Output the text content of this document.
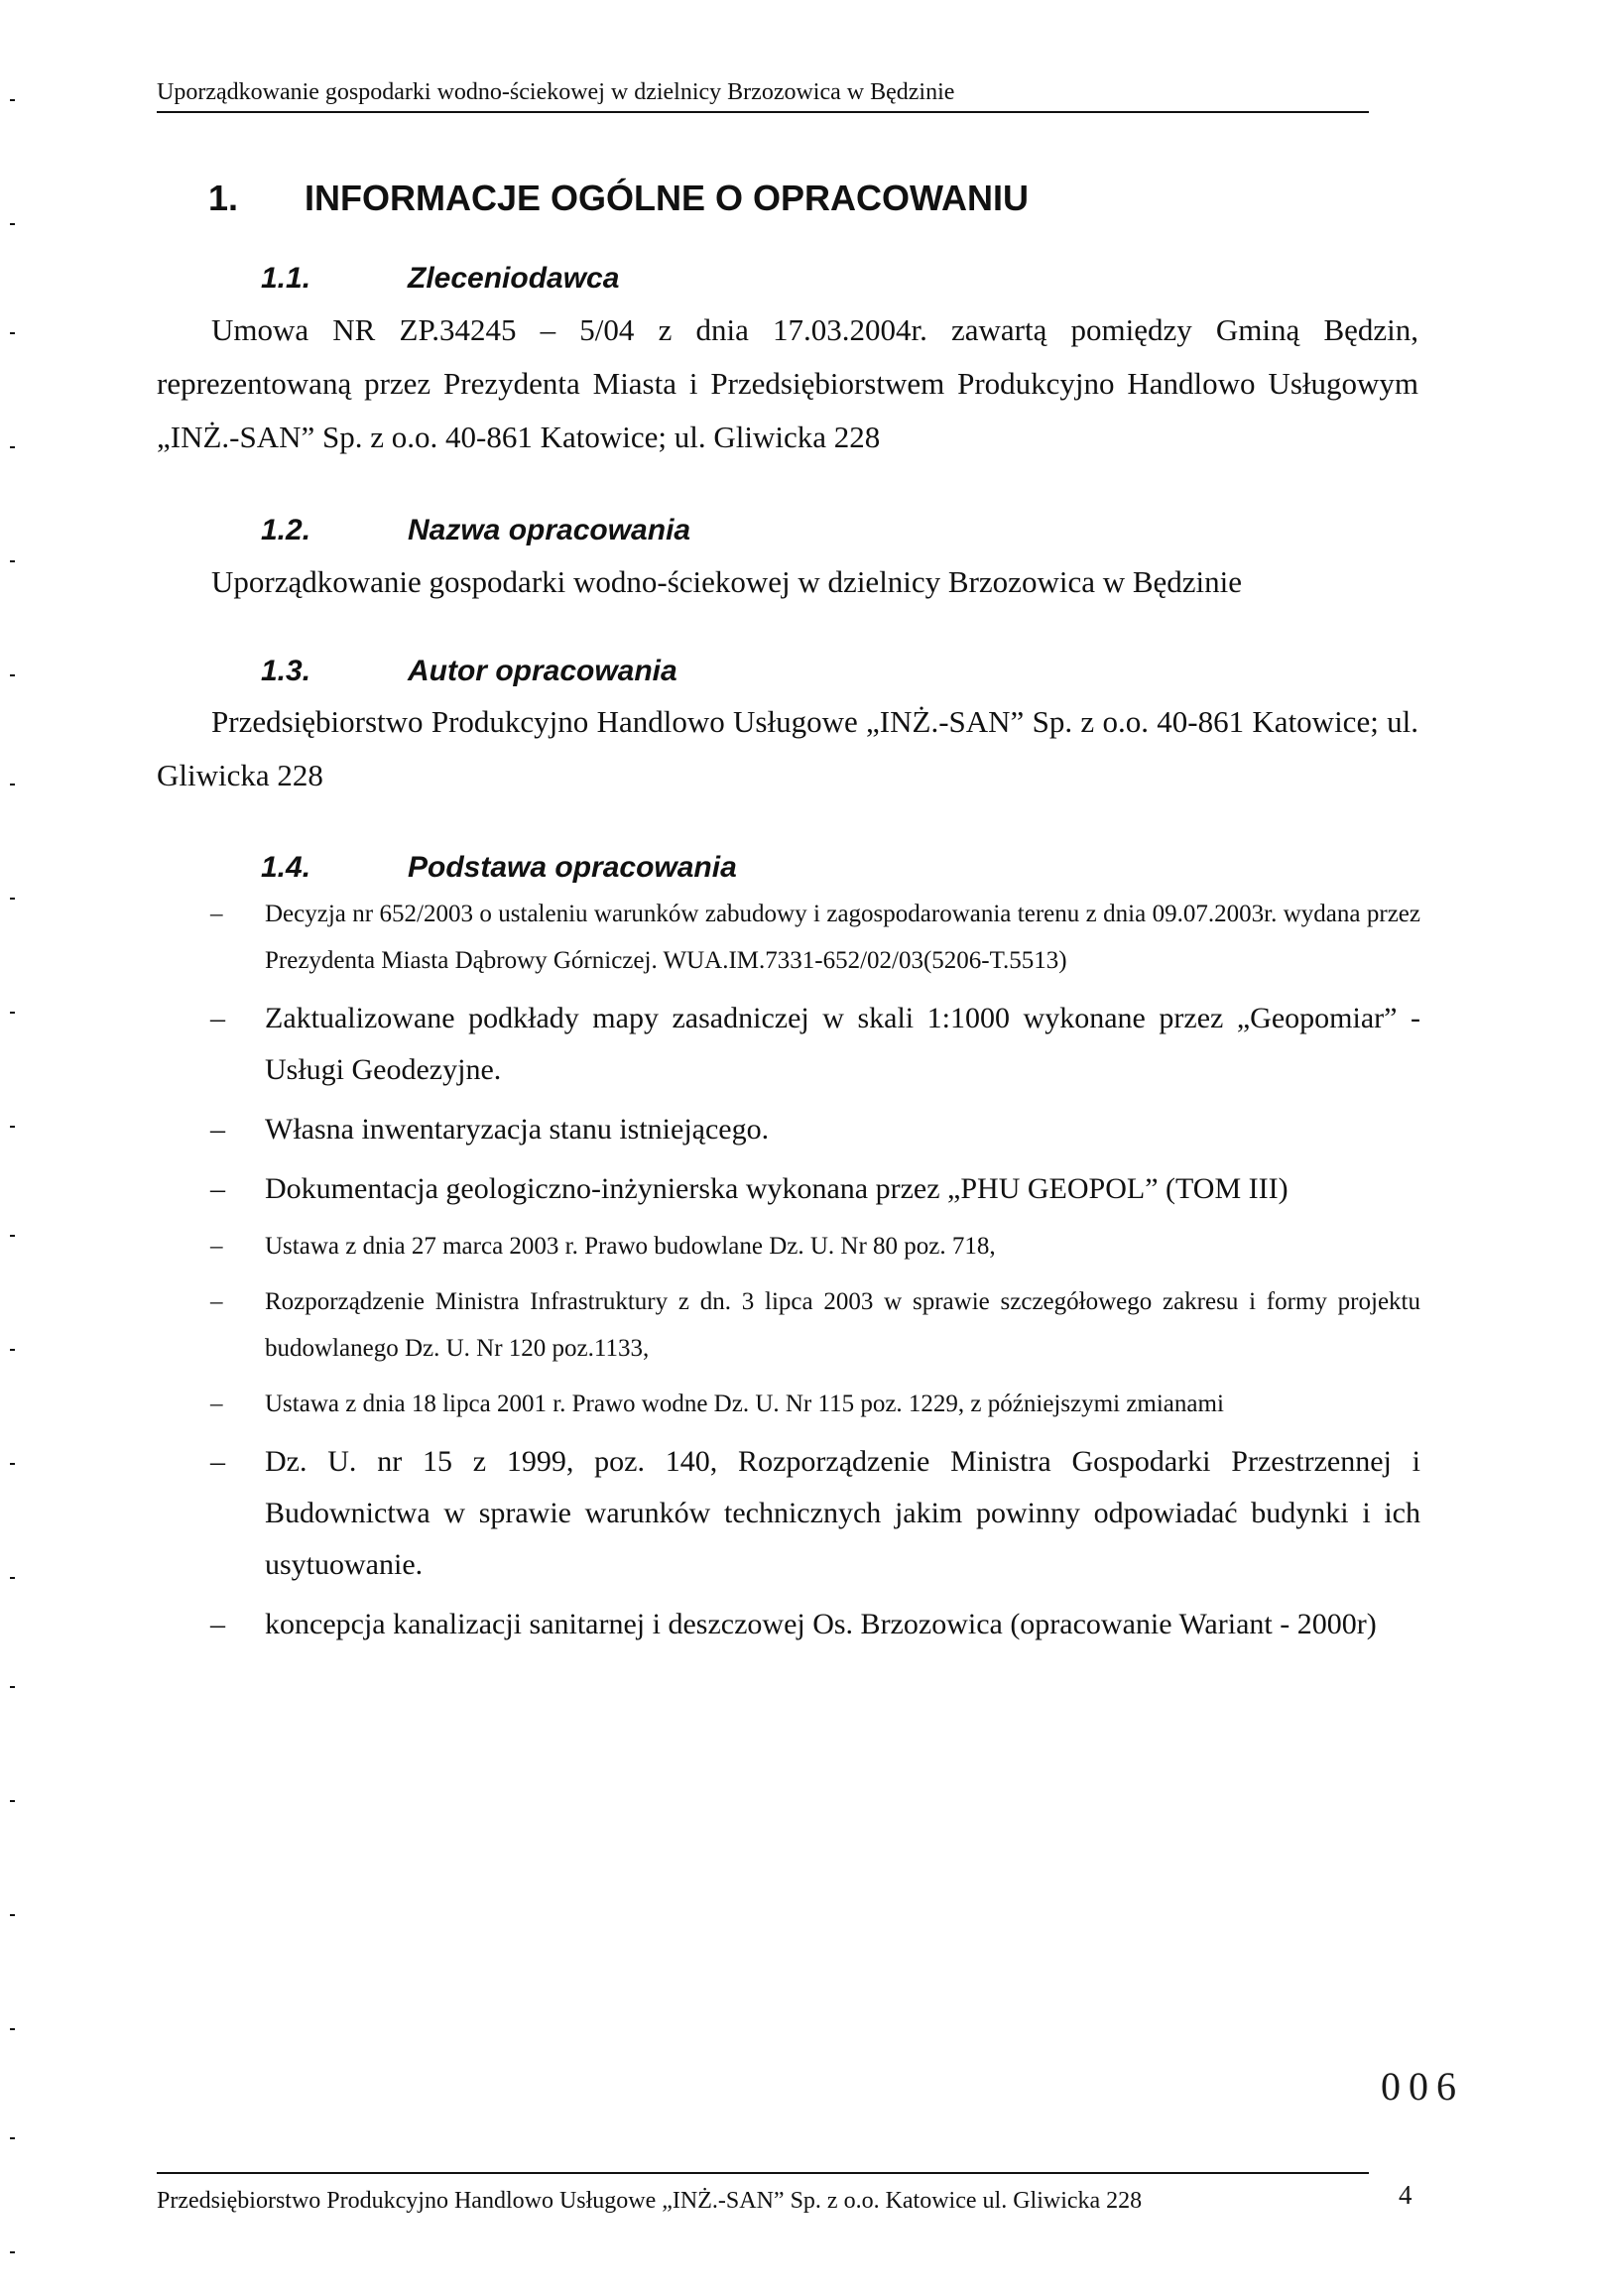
Uporządkowanie gospodarki wodno-ściekowej w dzielnicy Brzozowica w Będzinie
1. INFORMACJE OGÓLNE O OPRACOWANIU
1.1.	Zleceniodawca
Umowa NR ZP.34245 – 5/04 z dnia 17.03.2004r. zawartą pomiędzy Gminą Będzin, reprezentowaną przez Prezydenta Miasta i Przedsiębiorstwem Produkcyjno Handlowo Usługowym „INŻ.-SAN” Sp. z o.o. 40-861 Katowice; ul. Gliwicka 228
1.2.	Nazwa opracowania
Uporządkowanie gospodarki wodno-ściekowej w dzielnicy Brzozowica w Będzinie
1.3.	Autor opracowania
Przedsiębiorstwo Produkcyjno Handlowo Usługowe „INŻ.-SAN” Sp. z o.o. 40-861 Katowice; ul. Gliwicka 228
1.4.	Podstawa opracowania
– Decyzja nr 652/2003 o ustaleniu warunków zabudowy i zagospodarowania terenu z dnia 09.07.2003r. wydana przez Prezydenta Miasta Dąbrowy Górniczej. WUA.IM.7331-652/02/03(5206-T.5513)
– Zaktualizowane podkłady mapy zasadniczej w skali 1:1000 wykonane przez „Geopomiar” - Usługi Geodezyjne.
– Własna inwentaryzacja stanu istniejącego.
– Dokumentacja geologiczno-inżynierska wykonana przez „PHU GEOPOL” (TOM III)
– Ustawa z dnia 27 marca 2003 r. Prawo budowlane Dz. U. Nr 80 poz. 718,
– Rozporządzenie Ministra Infrastruktury z dn. 3 lipca 2003 w sprawie szczegółowego zakresu i formy projektu budowlanego Dz. U. Nr 120 poz.1133,
– Ustawa z dnia 18 lipca 2001 r. Prawo wodne Dz. U. Nr 115 poz. 1229, z późniejszymi zmianami
– Dz. U. nr 15 z 1999, poz. 140, Rozporządzenie Ministra Gospodarki Przestrzennej i Budownictwa w sprawie warunków technicznych jakim powinny odpowiadać budynki i ich usytuowanie.
– koncepcja kanalizacji sanitarnej i deszczowej Os. Brzozowica (opracowanie Wariant - 2000r)
006
Przedsiębiorstwo Produkcyjno Handlowo Usługowe „INŻ.-SAN” Sp. z o.o. Katowice ul. Gliwicka 228	4
